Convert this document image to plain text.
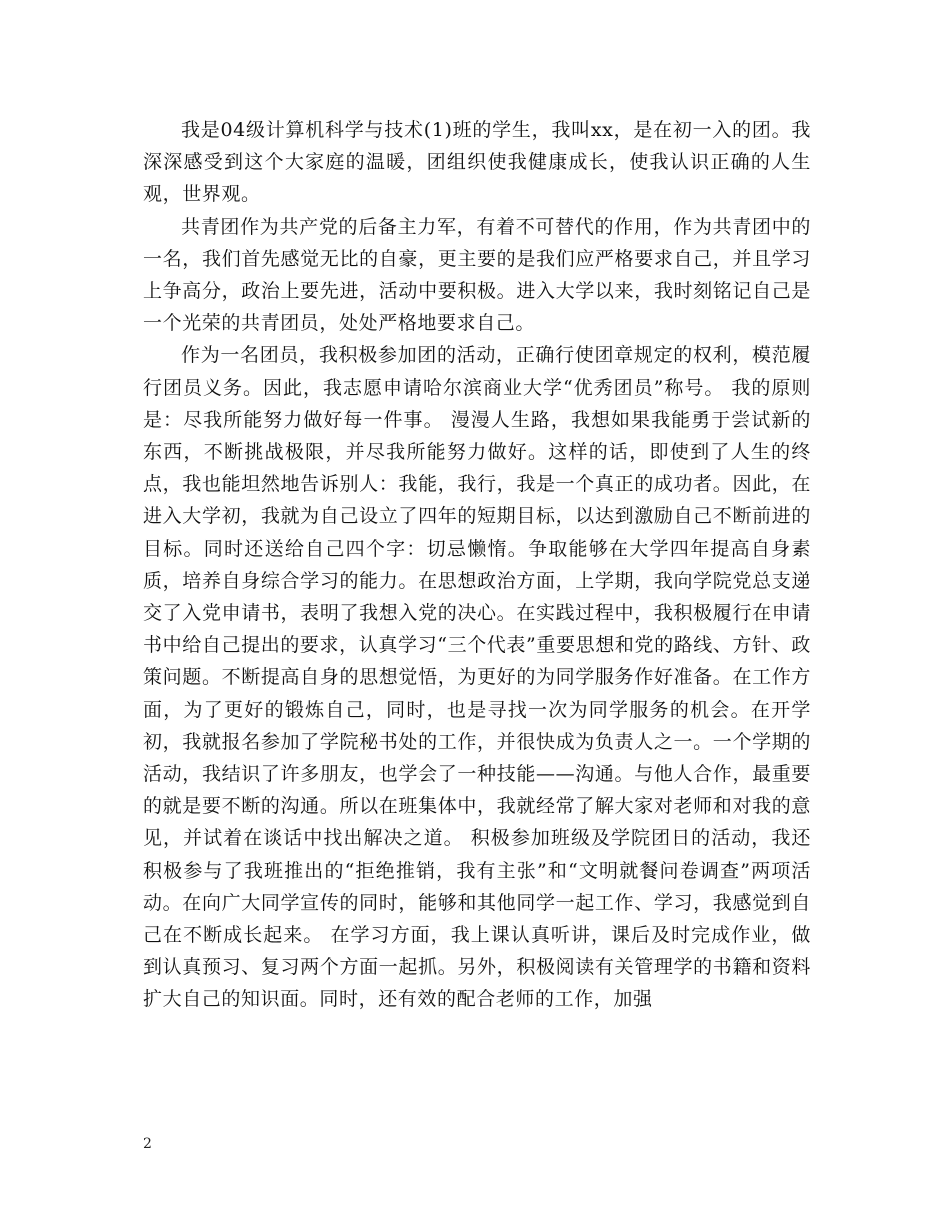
我是04级计算机科学与技术(1)班的学生，我叫xx，是在初一入的团。我深深感受到这个大家庭的温暖，团组织使我健康成长，使我认识正确的人生观，世界观。

共青团作为共产党的后备主力军，有着不可替代的作用，作为共青团中的一名，我们首先感觉无比的自豪，更主要的是我们应严格要求自己，并且学习上争高分，政治上要先进，活动中要积极。进入大学以来，我时刻铭记自己是一个光荣的共青团员，处处严格地要求自己。

作为一名团员，我积极参加团的活动，正确行使团章规定的权利，模范履行团员义务。因此，我志愿申请哈尔滨商业大学“优秀团员”称号。 我的原则是：尽我所能努力做好每一件事。 漫漫人生路，我想如果我能勇于尝试新的东西，不断挑战极限，并尽我所能努力做好。这样的话，即使到了人生的终点，我也能坦然地告诉别人：我能，我行，我是一个真正的成功者。因此，在进入大学初，我就为自己设立了四年的短期目标，以达到激励自己不断前进的目标。同时还送给自己四个字：切忌懒惰。争取能够在大学四年提高自身素质，培养自身综合学习的能力。在思想政治方面，上学期，我向学院党总支递交了入党申请书，表明了我想入党的决心。在实践过程中，我积极履行在申请书中给自己提出的要求，认真学习“三个代表”重要思想和党的路线、方针、政策问题。不断提高自身的思想觉悟，为更好的为同学服务作好准备。在工作方面，为了更好的锻炼自己，同时，也是寻找一次为同学服务的机会。在开学初，我就报名参加了学院秘书处的工作，并很快成为负责人之一。一个学期的活动，我结识了许多朋友，也学会了一种技能——沟通。与他人合作，最重要的就是要不断的沟通。所以在班集体中，我就经常了解大家对老师和对我的意见，并试着在谈话中找出解决之道。 积极参加班级及学院团日的活动，我还积极参与了我班推出的“拒绝推销，我有主张”和“文明就餐问卷调查”两项活动。在向广大同学宣传的同时，能够和其他同学一起工作、学习，我感觉到自己在不断成长起来。 在学习方面，我上课认真听讲，课后及时完成作业，做到认真预习、复习两个方面一起抓。另外，积极阅读有关管理学的书籍和资料扩大自己的知识面。同时，还有效的配合老师的工作，加强

2
